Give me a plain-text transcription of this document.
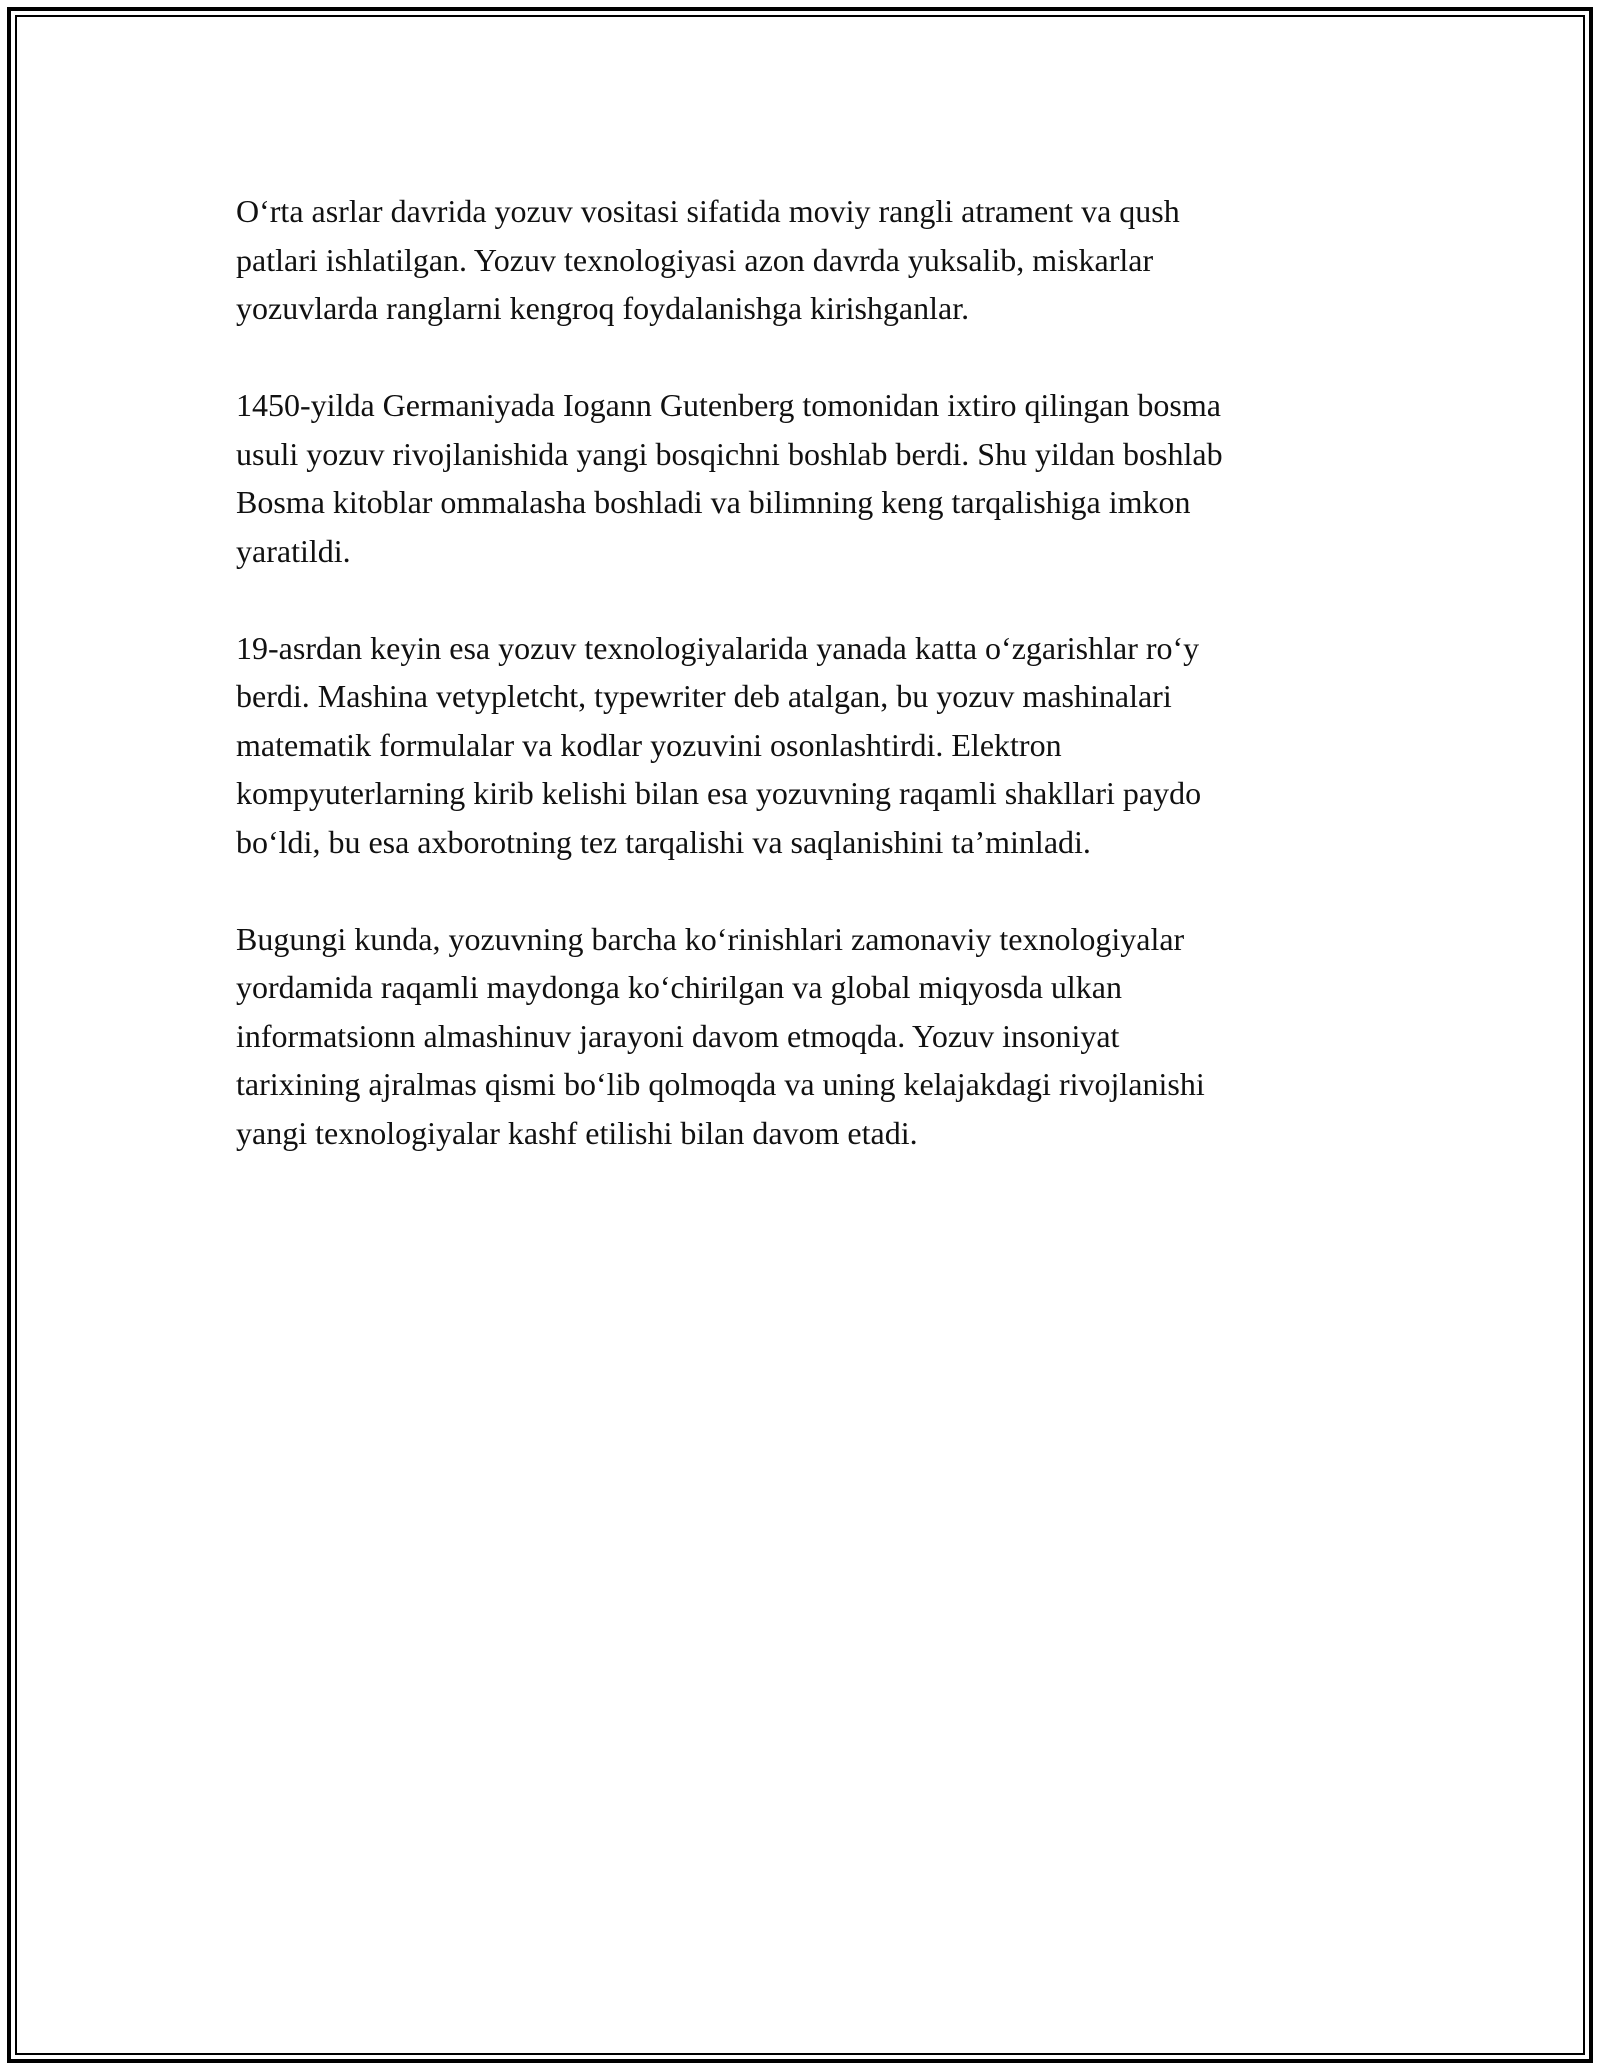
O‘rta asrlar davrida yozuv vositasi sifatida moviy rangli atrament va qush
patlari ishlatilgan. Yozuv texnologiyasi azon davrda yuksalib, miskarlar
yozuvlarda ranglarni kengroq foydalanishga kirishganlar.

1450-yilda Germaniyada Iogann Gutenberg tomonidan ixtiro qilingan bosma
usuli yozuv rivojlanishida yangi bosqichni boshlab berdi. Shu yildan boshlab
Bosma kitoblar ommalasha boshladi va bilimning keng tarqalishiga imkon
yaratildi.

19-asrdan keyin esa yozuv texnologiyalarida yanada katta o‘zgarishlar ro‘y
berdi. Mashina vetypletcht, typewriter deb atalgan, bu yozuv mashinalari
matematik formulalar va kodlar yozuvini osonlashtirdi. Elektron
kompyuterlarning kirib kelishi bilan esa yozuvning raqamli shakllari paydo
bo‘ldi, bu esa axborotning tez tarqalishi va saqlanishini ta’minladi.

Bugungi kunda, yozuvning barcha ko‘rinishlari zamonaviy texnologiyalar
yordamida raqamli maydonga ko‘chirilgan va global miqyosda ulkan
informatsionn almashinuv jarayoni davom etmoqda. Yozuv insoniyat
tarixining ajralmas qismi bo‘lib qolmoqda va uning kelajakdagi rivojlanishi
yangi texnologiyalar kashf etilishi bilan davom etadi.
